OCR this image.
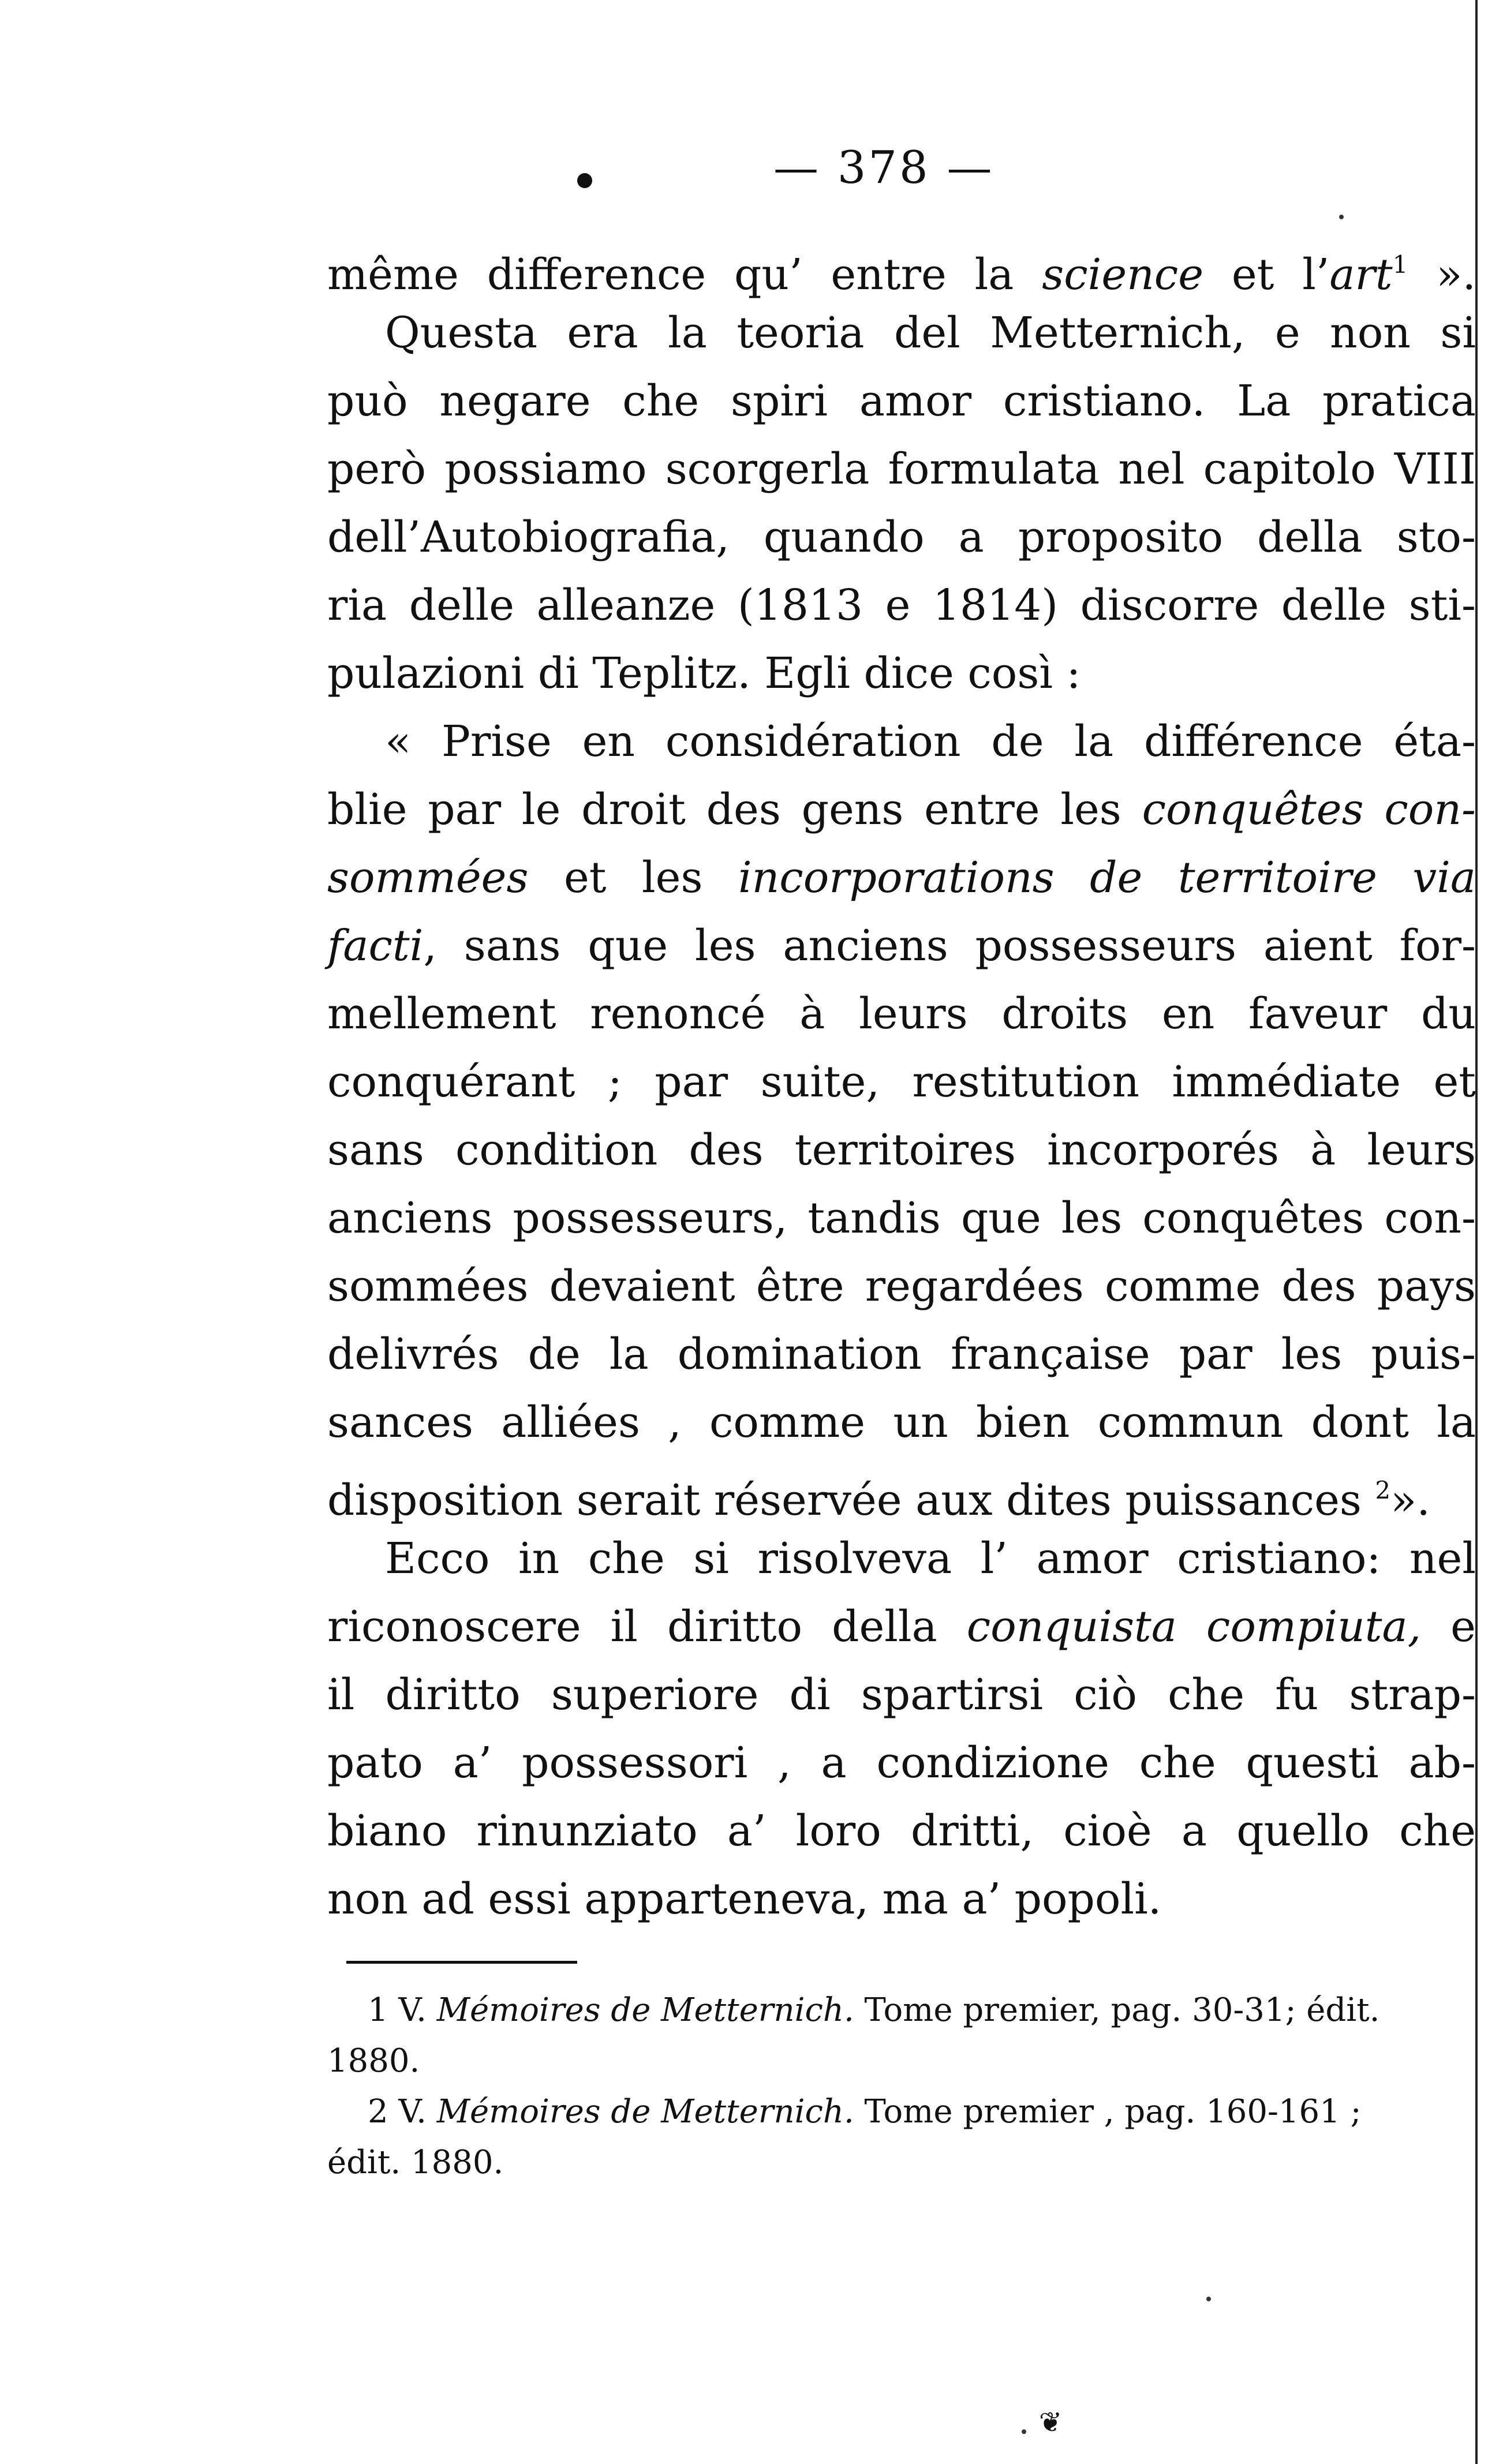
— 378 —
même difference qu’ entre la science et l’art$^1$ ».
Questa era la teoria del Metternich, e non si
può negare che spiri amor cristiano. La pratica
però possiamo scorgerla formulata nel capitolo VIII
dell’Autobiografia, quando a proposito della sto-
ria delle alleanze (1813 e 1814) discorre delle sti-
pulazioni di Teplitz. Egli dice così :
« Prise en considération de la différence éta-
blie par le droit des gens entre les conquêtes con-
sommées et les incorporations de territoire via
facti, sans que les anciens possesseurs aient for-
mellement renoncé à leurs droits en faveur du
conquérant ; par suite, restitution immédiate et
sans condition des territoires incorporés à leurs
anciens possesseurs, tandis que les conquêtes con-
sommées devaient être regardées comme des pays
delivrés de la domination française par les puis-
sances alliées , comme un bien commun dont la
disposition serait réservée aux dites puissances $^2$».
Ecco in che si risolveva l’ amor cristiano: nel
riconoscere il diritto della conquista compiuta, e
il diritto superiore di spartirsi ciò che fu strap-
pato a’ possessori , a condizione che questi ab-
biano rinunziato a’ loro dritti, cioè a quello che
non ad essi apparteneva, ma a’ popoli.
1 V. Mémoires de Metternich. Tome premier, pag. 30-31; édit.
1880.
2 V. Mémoires de Metternich. Tome premier , pag. 160-161 ;
édit. 1880.
❦
